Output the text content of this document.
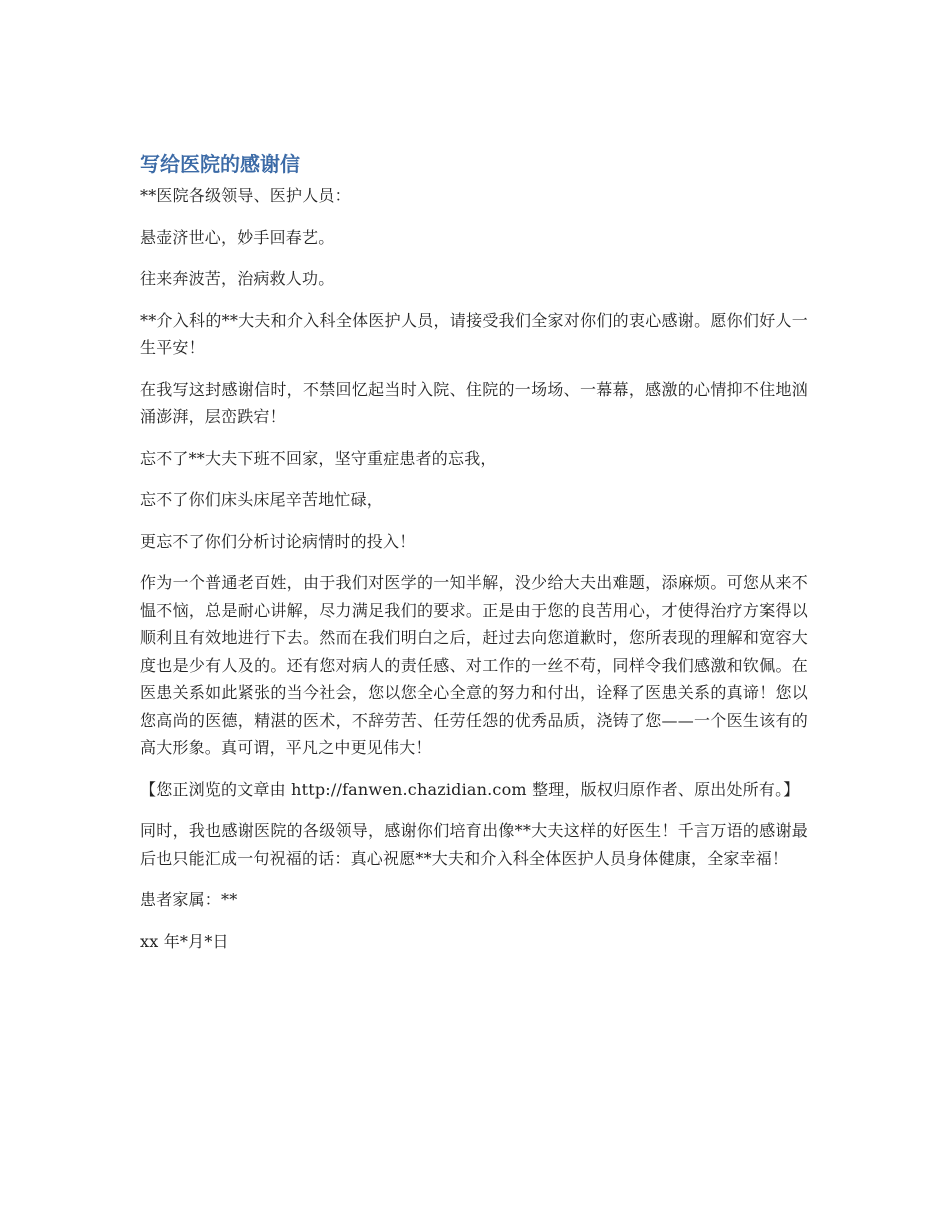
写给医院的感谢信

**医院各级领导、医护人员：

悬壶济世心，妙手回春艺。

往来奔波苦，治病救人功。

**介入科的**大夫和介入科全体医护人员，请接受我们全家对你们的衷心感谢。愿你们好人一生平安！

在我写这封感谢信时，不禁回忆起当时入院、住院的一场场、一幕幕，感激的心情抑不住地汹涌澎湃，层峦跌宕！

忘不了**大夫下班不回家，坚守重症患者的忘我，

忘不了你们床头床尾辛苦地忙碌，

更忘不了你们分析讨论病情时的投入！

作为一个普通老百姓，由于我们对医学的一知半解，没少给大夫出难题，添麻烦。可您从来不愠不恼，总是耐心讲解，尽力满足我们的要求。正是由于您的良苦用心，才使得治疗方案得以顺利且有效地进行下去。然而在我们明白之后，赶过去向您道歉时，您所表现的理解和宽容大度也是少有人及的。还有您对病人的责任感、对工作的一丝不苟，同样令我们感激和钦佩。在医患关系如此紧张的当今社会，您以您全心全意的努力和付出，诠释了医患关系的真谛！您以您高尚的医德，精湛的医术，不辞劳苦、任劳任怨的优秀品质，浇铸了您——一个医生该有的高大形象。真可谓，平凡之中更见伟大！

【您正浏览的文章由 http://fanwen.chazidian.com 整理，版权归原作者、原出处所有。】

同时，我也感谢医院的各级领导，感谢你们培育出像**大夫这样的好医生！千言万语的感谢最后也只能汇成一句祝福的话：真心祝愿**大夫和介入科全体医护人员身体健康，全家幸福！

患者家属：**

xx 年*月*日
